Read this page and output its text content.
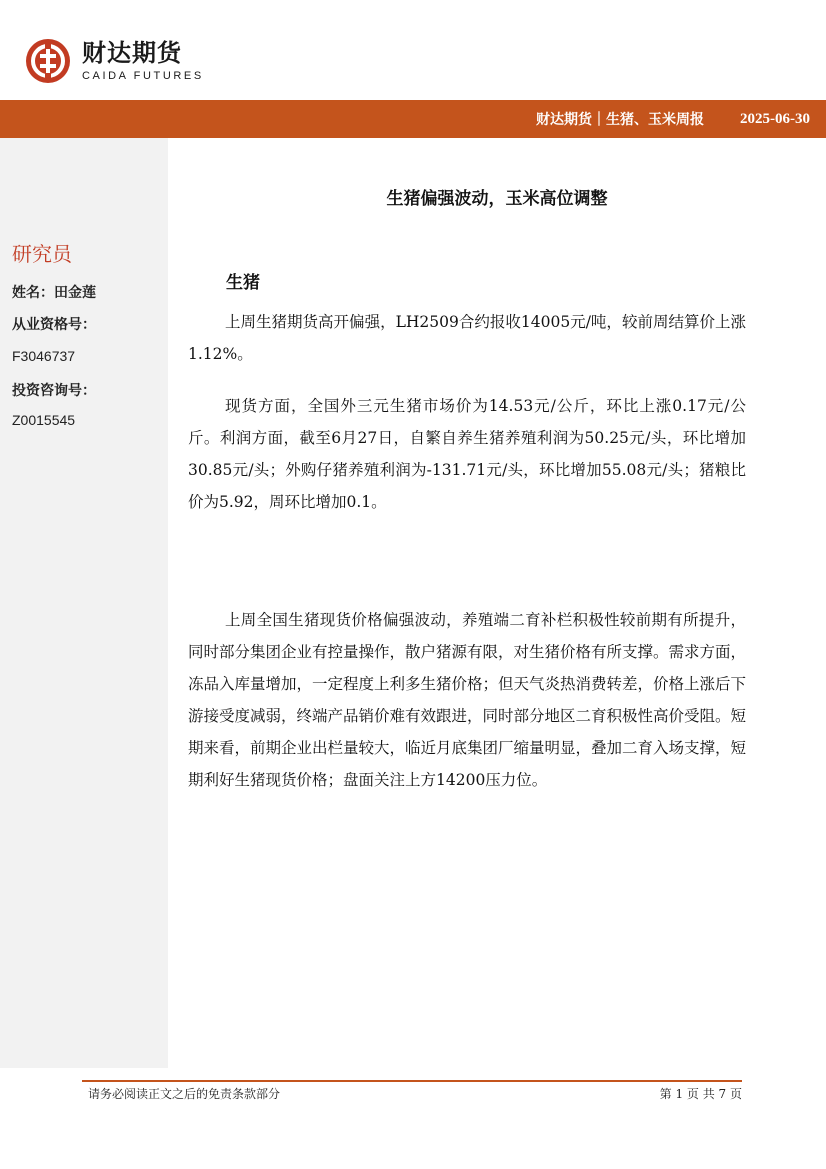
财达期货
CAIDA FUTURES
财达期货｜生猪、玉米周报 2025-06-30
研究员
姓名：田金莲
从业资格号：
F3046737
投资咨询号：
Z0015545
生猪偏强波动，玉米高位调整
生猪

上周生猪期货高开偏强，LH2509合约报收14005元/吨，较前周结算价上涨1.12%。

现货方面，全国外三元生猪市场价为14.53元/公斤，环比上涨0.17元/公斤。利润方面，截至6月27日，自繁自养生猪养殖利润为50.25元/头，环比增加30.85元/头；外购仔猪养殖利润为-131.71元/头，环比增加55.08元/头；猪粮比价为5.92，周环比增加0.1。

上周全国生猪现货价格偏强波动，养殖端二育补栏积极性较前期有所提升，同时部分集团企业有控量操作，散户猪源有限，对生猪价格有所支撑。需求方面，冻品入库量增加，一定程度上利多生猪价格；但天气炎热消费转差，价格上涨后下游接受度减弱，终端产品销价难有效跟进，同时部分地区二育积极性高价受阻。短期来看，前期企业出栏量较大，临近月底集团厂缩量明显，叠加二育入场支撑，短期利好生猪现货价格；盘面关注上方14200压力位。

请务必阅读正文之后的免责条款部分	第 1 页 共 7 页
